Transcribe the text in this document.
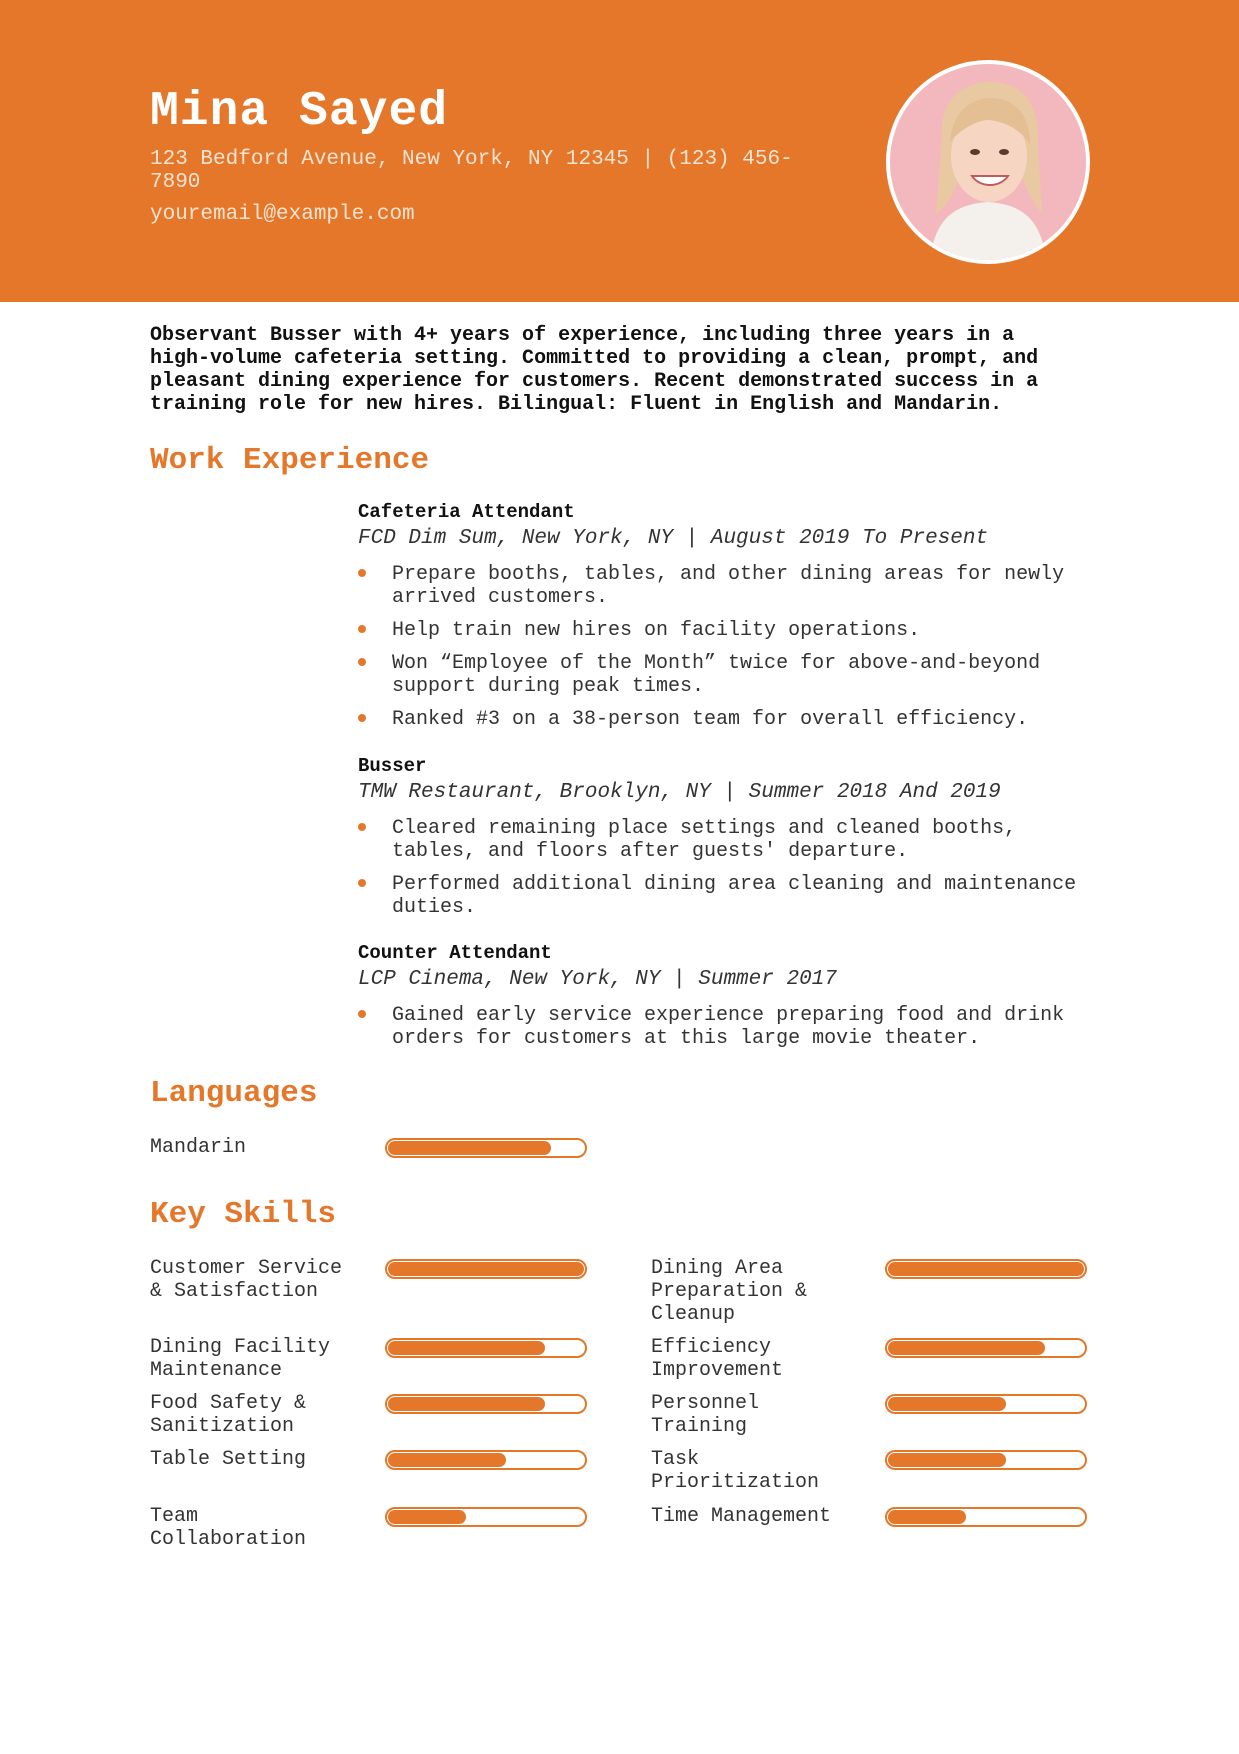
Mina Sayed
123 Bedford Avenue, New York, NY 12345 | (123) 456-7890
youremail@example.com
Observant Busser with 4+ years of experience, including three years in a high-volume cafeteria setting. Committed to providing a clean, prompt, and pleasant dining experience for customers. Recent demonstrated success in a training role for new hires. Bilingual: Fluent in English and Mandarin.
Work Experience
Cafeteria Attendant
FCD Dim Sum, New York, NY | August 2019 To Present
Prepare booths, tables, and other dining areas for newly arrived customers.
Help train new hires on facility operations.
Won “Employee of the Month” twice for above-and-beyond support during peak times.
Ranked #3 on a 38-person team for overall efficiency.
Busser
TMW Restaurant, Brooklyn, NY | Summer 2018 And 2019
Cleared remaining place settings and cleaned booths, tables, and floors after guests' departure.
Performed additional dining area cleaning and maintenance duties.
Counter Attendant
LCP Cinema, New York, NY | Summer 2017
Gained early service experience preparing food and drink orders for customers at this large movie theater.
Languages
Mandarin
Key Skills
Customer Service & Satisfaction
Dining Area Preparation & Cleanup
Dining Facility Maintenance
Efficiency Improvement
Food Safety & Sanitization
Personnel Training
Table Setting	Task Prioritization
Team Collaboration
Time Management
